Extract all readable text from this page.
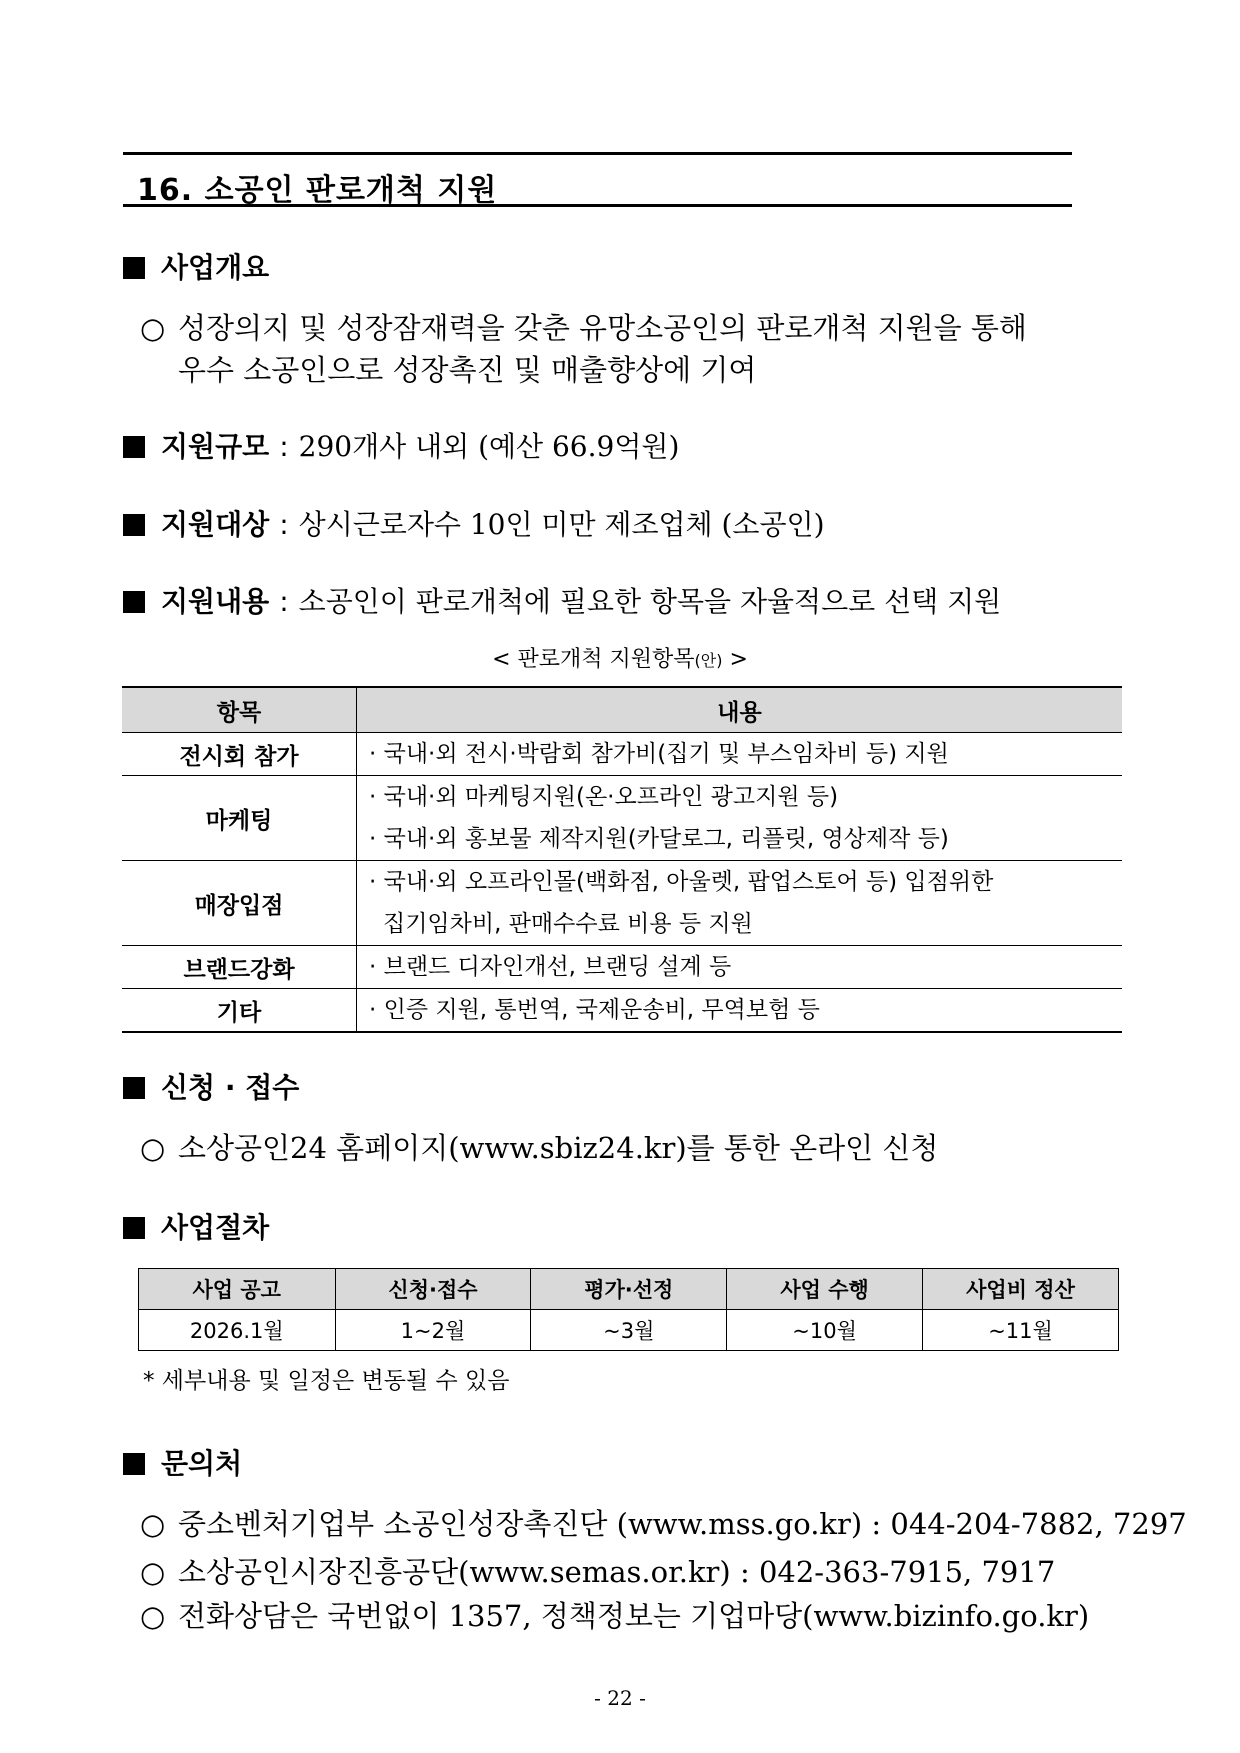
16. 소공인 판로개척 지원
사업개요
○ 성장의지 및 성장잠재력을 갖춘 유망소공인의 판로개척 지원을 통해
우수 소공인으로 성장촉진 및 매출향상에 기여
지원규모 : 290개사 내외 (예산 66.9억원)
지원대상 : 상시근로자수 10인 미만 제조업체 (소공인)
지원내용 : 소공인이 판로개척에 필요한 항목을 자율적으로 선택 지원
< 판로개척 지원항목(안) >
항목	내용
전시회 참가	· 국내·외 전시·박람회 참가비(집기 및 부스임차비 등) 지원

마케팅	· 국내·외 마케팅지원(온·오프라인 광고지원 등)
· 국내·외 홍보물 제작지원(카달로그, 리플릿, 영상제작 등)

매장입점	· 국내·외 오프라인몰(백화점, 아울렛, 팝업스토어 등) 입점위한
집기임차비, 판매수수료 비용 등 지원

브랜드강화	· 브랜드 디자인개선, 브랜딩 설계 등

기타	· 인증 지원, 통번역, 국제운송비, 무역보험 등
신청 · 접수
○ 소상공인24 홈페이지(www.sbiz24.kr)를 통한 온라인 신청
사업절차
사업 공고	신청·접수	평가·선정	사업 수행	사업비 정산
2026.1월	1~2월	~3월	~10월	~11월
* 세부내용 및 일정은 변동될 수 있음
문의처
○ 중소벤처기업부 소공인성장촉진단 (www.mss.go.kr) : 044-204-7882, 7297
○ 소상공인시장진흥공단(www.semas.or.kr) : 042-363-7915, 7917
○ 전화상담은 국번없이 1357, 정책정보는 기업마당(www.bizinfo.go.kr)
- 22 -
